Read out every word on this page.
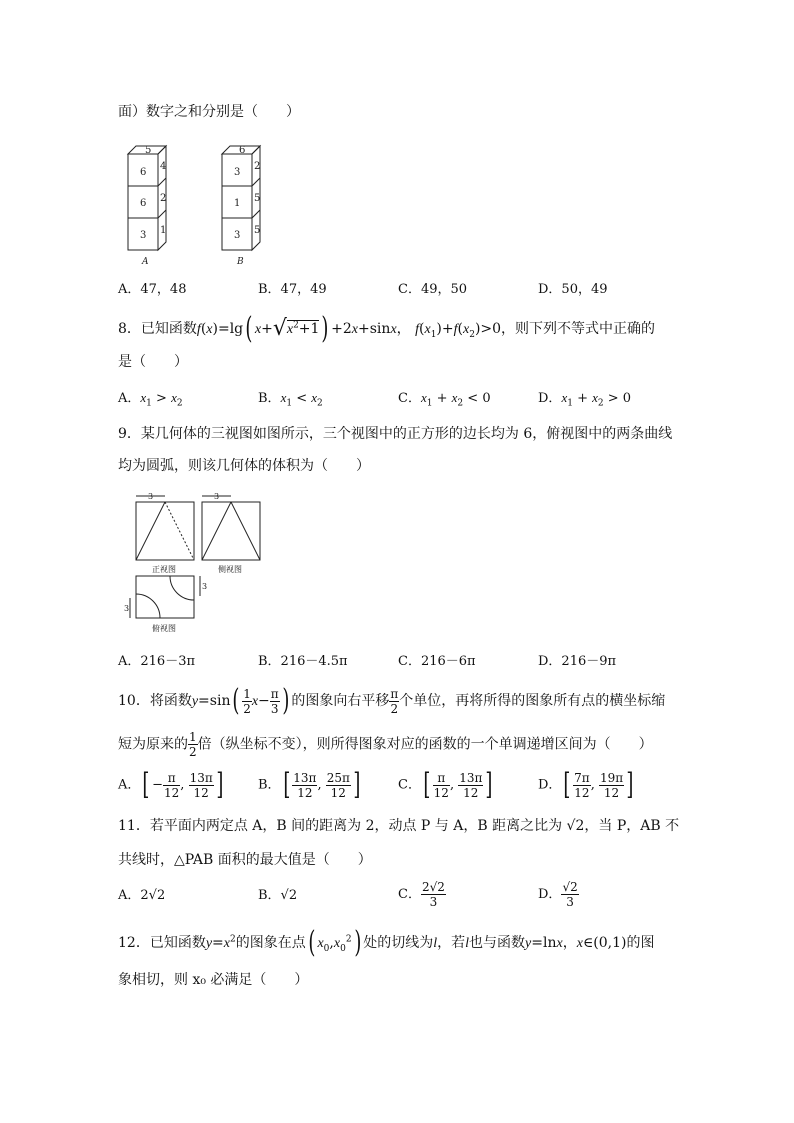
面）数字之和分别是（　　）
5
6
6
3
4
2
1
A
6
3
1
3
2
5
5
B
A．47，48	B．47，49	C．49，50	D．50，49
8．已知函数f(x)=lg( $x+√x^2+1) +2x+\sin x$， $f(x_1)+f(x_2)>0$，则下列不等式中正确的
是（　　）
A．$x_1 > x_2$	B．$x_1 < x_2$	C．$x_1 + x_2 < 0$	D．$x_1 + x_2 > 0$
9．某几何体的三视图如图所示，三个视图中的正方形的边长均为 6，俯视图中的两条曲线
均为圆弧，则该几何体的体积为（　　）
3	3
3
3
正视图	侧视图
俯视图
A．216－3π	B．216－4.5π	C．216－6π	D．216－9π
10．将函数$y=\sin( \frac{1}{2} x- \frac{\pi}{3}$ ) 的图象向右平移 $\frac{\pi}{2}$ 个单位，再将所得的图象所有点的横坐标缩
短为原来的 $\frac{1}{2}$ 倍（纵坐标不变），则所得图象对应的函数的一个单调递增区间为（　　）
A．[ − $\frac{\pi}{12}$ , $\frac{13\pi}{12}$ ]	B．[ $\frac{13\pi}{12}$ , $\frac{25\pi}{12}$ ]	C．[ $\frac{\pi}{12}$ , $\frac{13\pi}{12}$ ]	D．[ $\frac{7\pi}{12}$ , $\frac{19\pi}{12}$ ]
11．若平面内两定点 A，B 间的距离为 2，动点 P 与 A，B 距离之比为 √2，当 P，AB 不
共线时，△PAB 面积的最大值是（　　）
A．2√2	B．√2	C． $\frac{2√2}{3}$	D． $\frac{√2}{3}$
12．已知函数$y=x^2$的图象在点( $x_0,x_0^2$) 处的切线为l，若l也与函数y=lnx，x∈(0,1)的图
象相切，则 x₀ 必满足（　　）
